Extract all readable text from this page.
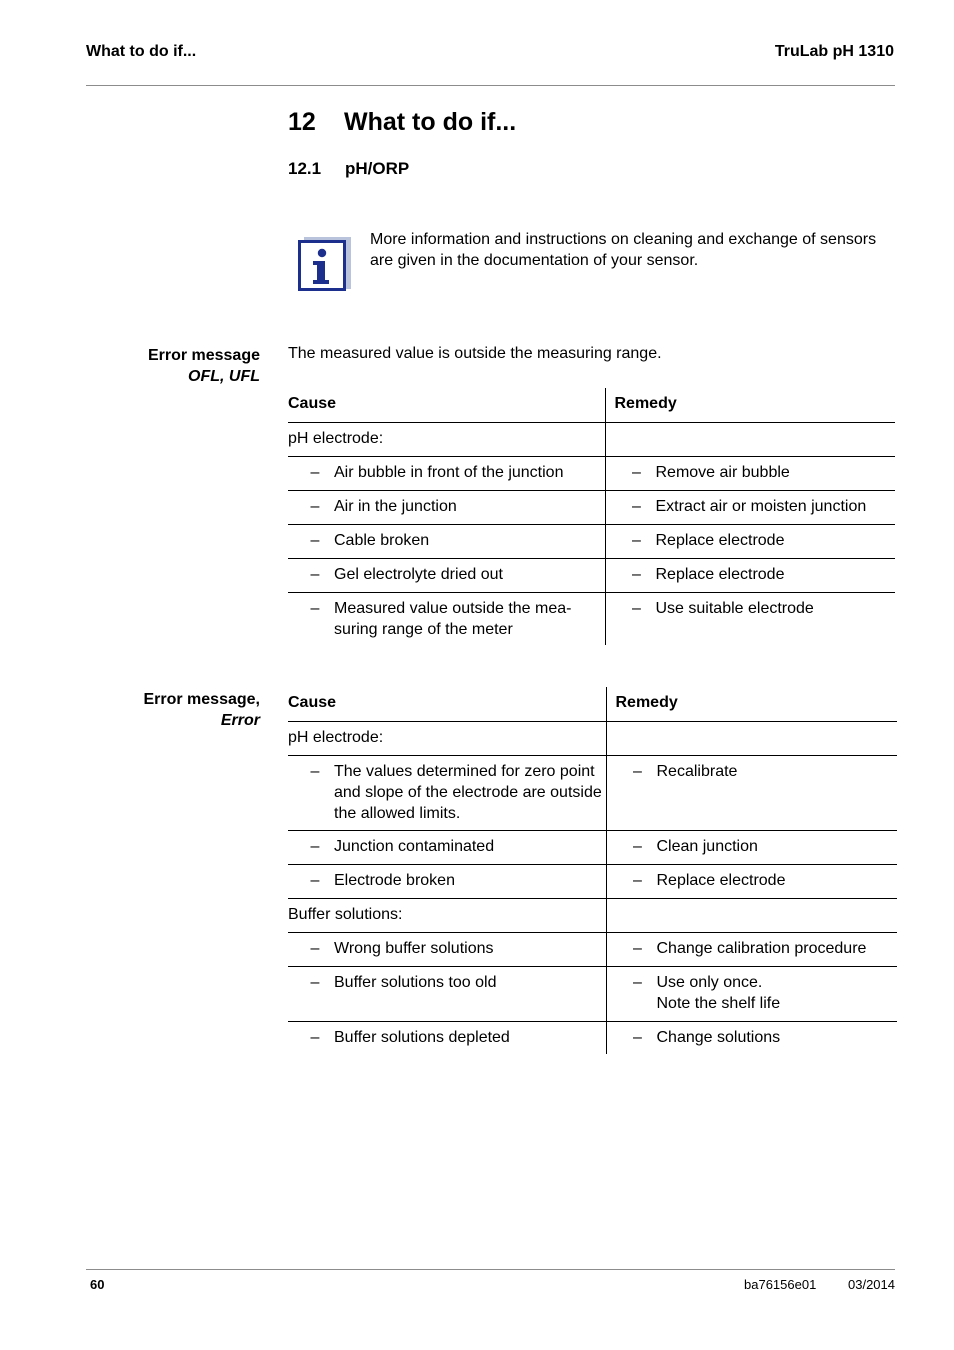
What to do if...	TruLab pH 1310
12 What to do if...
12.1 pH/ORP
More information and instructions on cleaning and exchange of sensors are given in the documentation of your sensor.
Error message
OFL, UFL
The measured value is outside the measuring range.
Cause	Remedy
pH electrode:	

– Air bubble in front of the junction	– Remove air bubble

– Air in the junction	– Extract air or moisten junction

– Cable broken	– Replace electrode

– Gel electrolyte dried out	– Replace electrode

– Measured value outside the mea-suring range of the meter	– Use suitable electrode
Error message,
Error
Cause	Remedy
pH electrode:	

– The values determined for zero point and slope of the electrode are outside the allowed limits.	– Recalibrate

– Junction contaminated	– Clean junction

– Electrode broken	– Replace electrode

Buffer solutions:	

– Wrong buffer solutions	– Change calibration procedure

– Buffer solutions too old	– Use only once.
Note the shelf life

– Buffer solutions depleted	– Change solutions
60	ba76156e01 03/2014
